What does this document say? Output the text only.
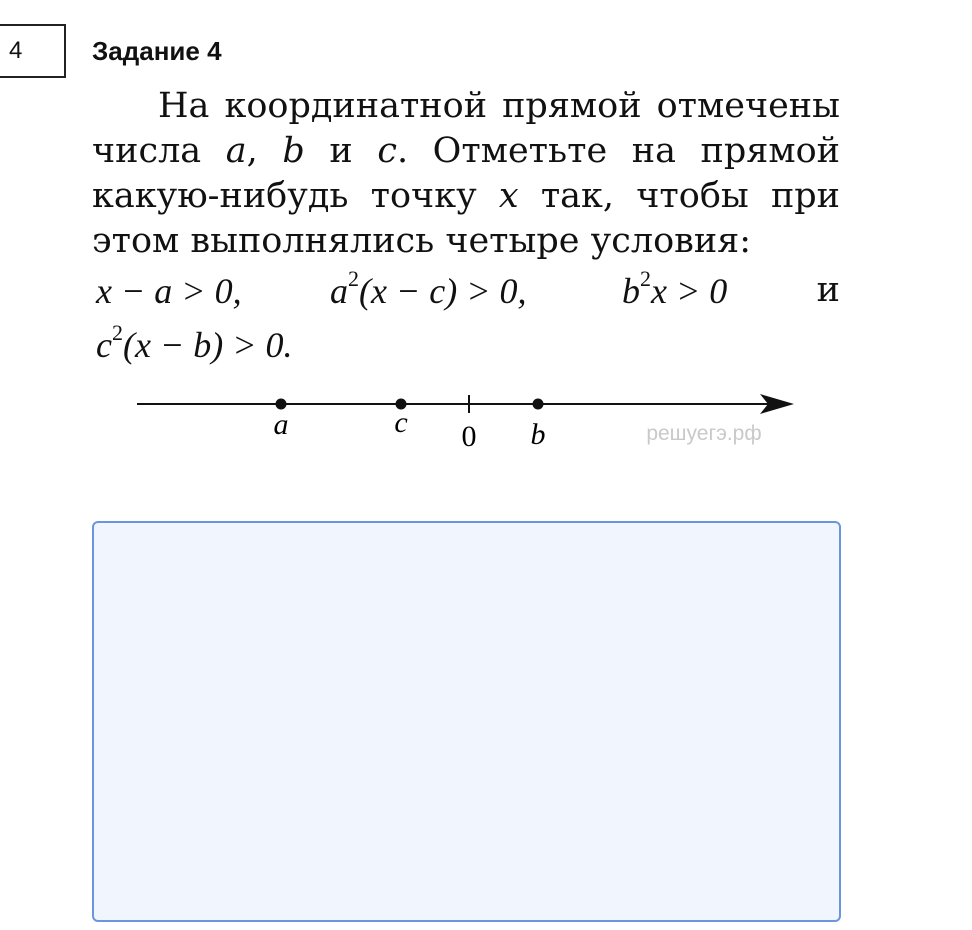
4	Задание 4

На координатной прямой отмечены числа a, b и c. Отметьте на прямой какую-нибудь точку x так, чтобы при этом выполнялись четыре условия:

x − a > 0, $a^2(x - c) > 0$,	$b^2x > 0$	и
$c^2(x - b) > 0$.
a	c 0 b	решуегэ.рф
